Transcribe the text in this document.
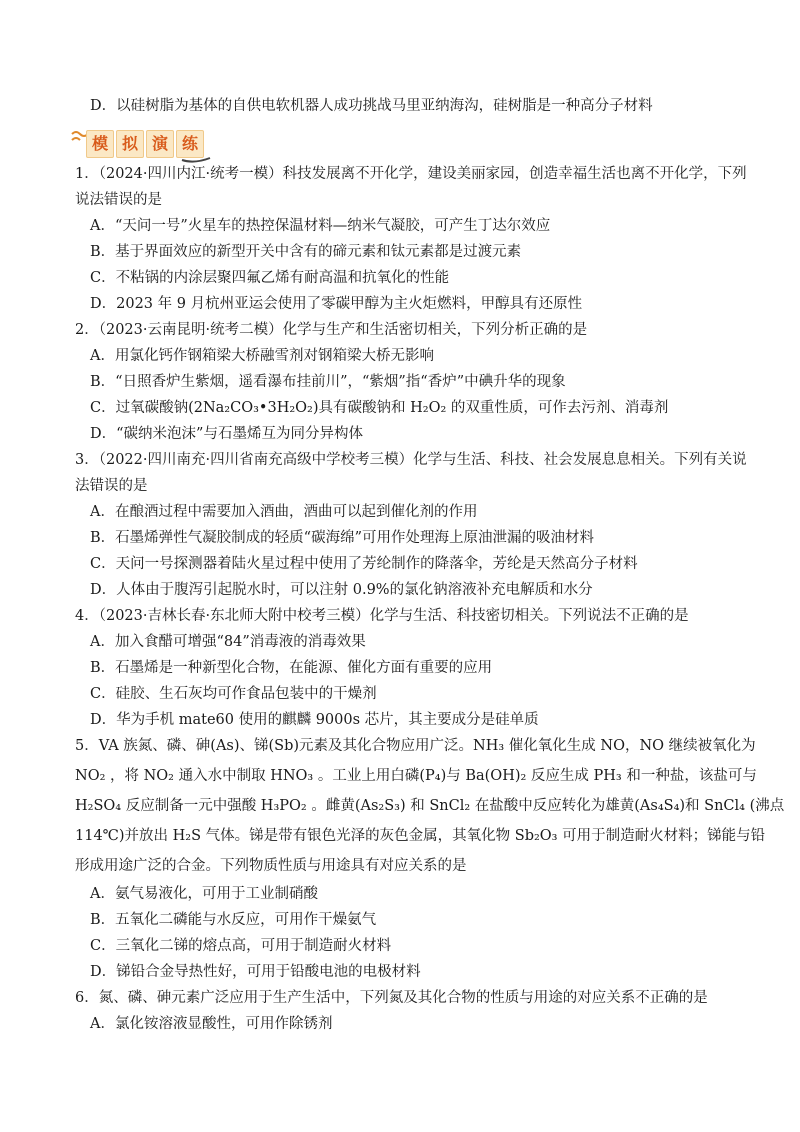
D．以硅树脂为基体的自供电软机器人成功挑战马里亚纳海沟，硅树脂是一种高分子材料
模 拟 演 练
1．（2024·四川内江·统考一模）科技发展离不开化学，建设美丽家园，创造幸福生活也离不开化学，下列
说法错误的是
A．“天问一号”火星车的热控保温材料—纳米气凝胶，可产生丁达尔效应
B．基于界面效应的新型开关中含有的碲元素和钛元素都是过渡元素
C．不粘锅的内涂层聚四氟乙烯有耐高温和抗氧化的性能
D．2023 年 9 月杭州亚运会使用了零碳甲醇为主火炬燃料，甲醇具有还原性
2．（2023·云南昆明·统考二模）化学与生产和生活密切相关，下列分析正确的是
A．用氯化钙作钢箱梁大桥融雪剂对钢箱梁大桥无影响
B．“日照香炉生紫烟，遥看瀑布挂前川”，“紫烟”指“香炉”中碘升华的现象
C．过氧碳酸钠(2Na₂CO₃•3H₂O₂)具有碳酸钠和 H₂O₂ 的双重性质，可作去污剂、消毒剂
D．“碳纳米泡沫”与石墨烯互为同分异构体
3．（2022·四川南充·四川省南充高级中学校考三模）化学与生活、科技、社会发展息息相关。下列有关说
法错误的是
A．在酿酒过程中需要加入酒曲，酒曲可以起到催化剂的作用
B．石墨烯弹性气凝胶制成的轻质“碳海绵”可用作处理海上原油泄漏的吸油材料
C．天问一号探测器着陆火星过程中使用了芳纶制作的降落伞，芳纶是天然高分子材料
D．人体由于腹泻引起脱水时，可以注射 0.9%的氯化钠溶液补充电解质和水分
4．（2023·吉林长春·东北师大附中校考三模）化学与生活、科技密切相关。下列说法不正确的是
A．加入食醋可增强“84”消毒液的消毒效果
B．石墨烯是一种新型化合物，在能源、催化方面有重要的应用
C．硅胶、生石灰均可作食品包装中的干燥剂
D．华为手机 mate60 使用的麒麟 9000s 芯片，其主要成分是硅单质
5．VA 族氮、磷、砷(As)、锑(Sb)元素及其化合物应用广泛。NH₃ 催化氧化生成 NO，NO 继续被氧化为
NO₂ ，将 NO₂ 通入水中制取 HNO₃ 。工业上用白磷(P₄)与 Ba(OH)₂ 反应生成 PH₃ 和一种盐，该盐可与
H₂SO₄ 反应制备一元中强酸 H₃PO₂ 。雌黄(As₂S₃) 和 SnCl₂ 在盐酸中反应转化为雄黄(As₄S₄)和 SnCl₄ (沸点
114℃)并放出 H₂S 气体。锑是带有银色光泽的灰色金属，其氧化物 Sb₂O₃ 可用于制造耐火材料；锑能与铅
形成用途广泛的合金。下列物质性质与用途具有对应关系的是
A．氨气易液化，可用于工业制硝酸
B．五氧化二磷能与水反应，可用作干燥氨气
C．三氧化二锑的熔点高，可用于制造耐火材料
D．锑铅合金导热性好，可用于铅酸电池的电极材料
6．氮、磷、砷元素广泛应用于生产生活中，下列氮及其化合物的性质与用途的对应关系不正确的是
A．氯化铵溶液显酸性，可用作除锈剂
